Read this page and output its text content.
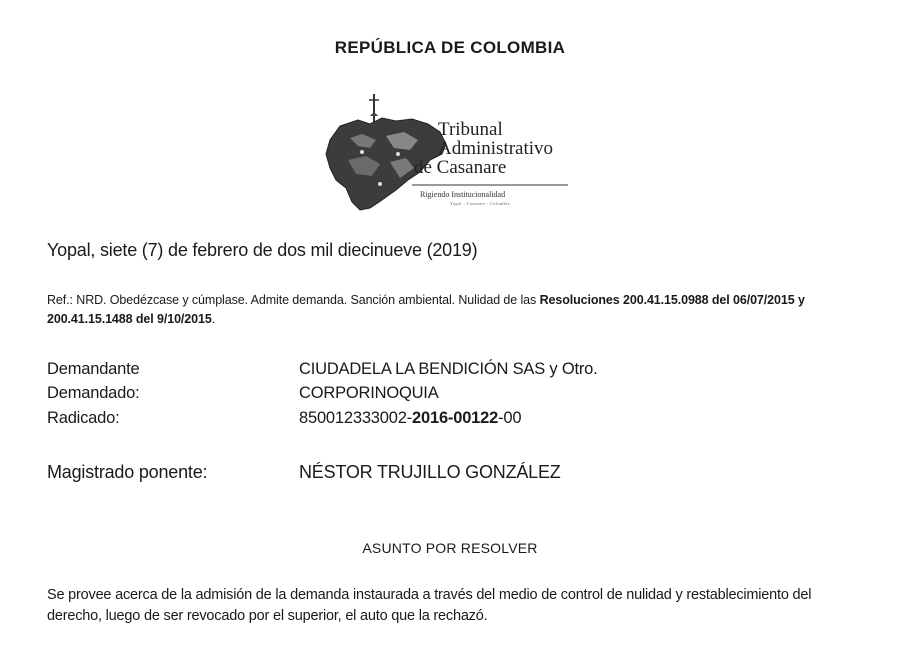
REPÚBLICA DE COLOMBIA
Tribunal
Administrativo
de Casanare
Rigiendo Institucionalidad
Yopal - Casanare - Colombia
Yopal, siete (7) de febrero de dos mil diecinueve (2019)
Ref.: NRD. Obedézcase y cúmplase. Admite demanda. Sanción ambiental. Nulidad de las Resoluciones 200.41.15.0988 del 06/07/2015 y 200.41.15.1488 del 9/10/2015.
Demandante	CIUDADELA LA BENDICIÓN SAS y Otro.
Demandado:	CORPORINOQUIA
Radicado:	850012333002-2016-00122-00
Magistrado ponente:	NÉSTOR TRUJILLO GONZÁLEZ
ASUNTO POR RESOLVER
Se provee acerca de la admisión de la demanda instaurada a través del medio de control de nulidad y restablecimiento del derecho, luego de ser revocado por el superior, el auto que la rechazó.
